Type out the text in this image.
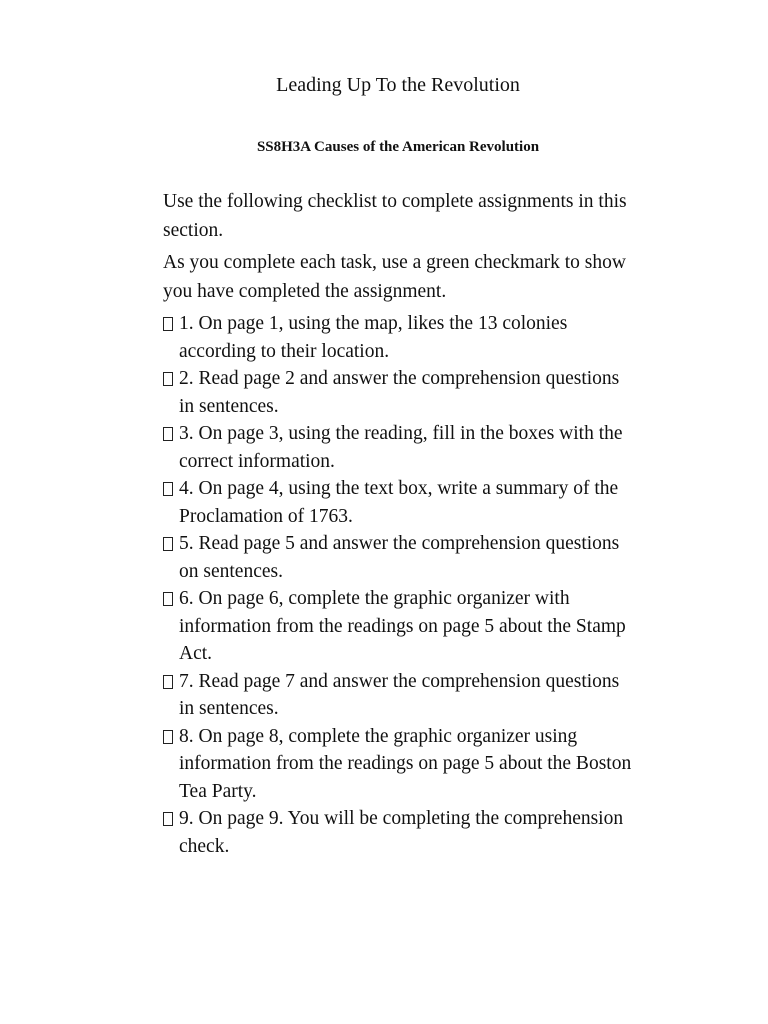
Leading Up To the Revolution
SS8H3A Causes of the American Revolution

Use the following checklist to complete assignments in this section.

As you complete each task, use a green checkmark to show you have completed the assignment.

1. On page 1, using the map, likes the 13 colonies according to their location.
2. Read page 2 and answer the comprehension questions in sentences.
3. On page 3, using the reading, fill in the boxes with the correct information.
4. On page 4, using the text box, write a summary of the Proclamation of 1763.
5. Read page 5 and answer the comprehension questions on sentences.
6. On page 6, complete the graphic organizer with information from the readings on page 5 about the Stamp Act.
7. Read page 7 and answer the comprehension questions in sentences.
8. On page 8, complete the graphic organizer using information from the readings on page 5 about the Boston Tea Party.
9. On page 9. You will be completing the comprehension check.
